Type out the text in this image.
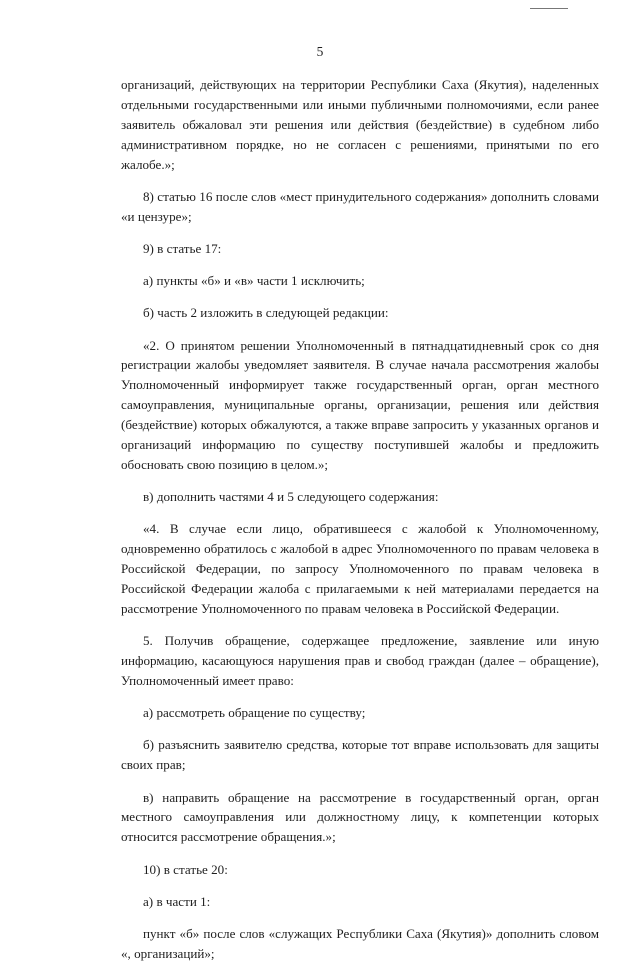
5

организаций, действующих на территории Республики Саха (Якутия), наделенных отдельными государственными или иными публичными полномочиями, если ранее заявитель обжаловал эти решения или действия (бездействие) в судебном либо административном порядке, но не согласен с решениями, принятыми по его жалобе.»;

8) статью 16 после слов «мест принудительного содержания» дополнить словами «и цензуре»;

9) в статье 17:

а) пункты «б» и «в» части 1 исключить;

б) часть 2 изложить в следующей редакции:

«2. О принятом решении Уполномоченный в пятнадцатидневный срок со дня регистрации жалобы уведомляет заявителя. В случае начала рассмотрения жалобы Уполномоченный информирует также государственный орган, орган местного самоуправления, муниципальные органы, организации, решения или действия (бездействие) которых обжалуются, а также вправе запросить у указанных органов и организаций информацию по существу поступившей жалобы и предложить обосновать свою позицию в целом.»;

в) дополнить частями 4 и 5 следующего содержания:

«4. В случае если лицо, обратившееся с жалобой к Уполномоченному, одновременно обратилось с жалобой в адрес Уполномоченного по правам человека в Российской Федерации, по запросу Уполномоченного по правам человека в Российской Федерации жалоба с прилагаемыми к ней материалами передается на рассмотрение Уполномоченного по правам человека в Российской Федерации.

5. Получив обращение, содержащее предложение, заявление или иную информацию, касающуюся нарушения прав и свобод граждан (далее – обращение), Уполномоченный имеет право:

а) рассмотреть обращение по существу;

б) разъяснить заявителю средства, которые тот вправе использовать для защиты своих прав;

в) направить обращение на рассмотрение в государственный орган, орган местного самоуправления или должностному лицу, к компетенции которых относится рассмотрение обращения.»;

10) в статье 20:

а) в части 1:

пункт «б» после слов «служащих Республики Саха (Якутия)» дополнить словом «, организаций»;
